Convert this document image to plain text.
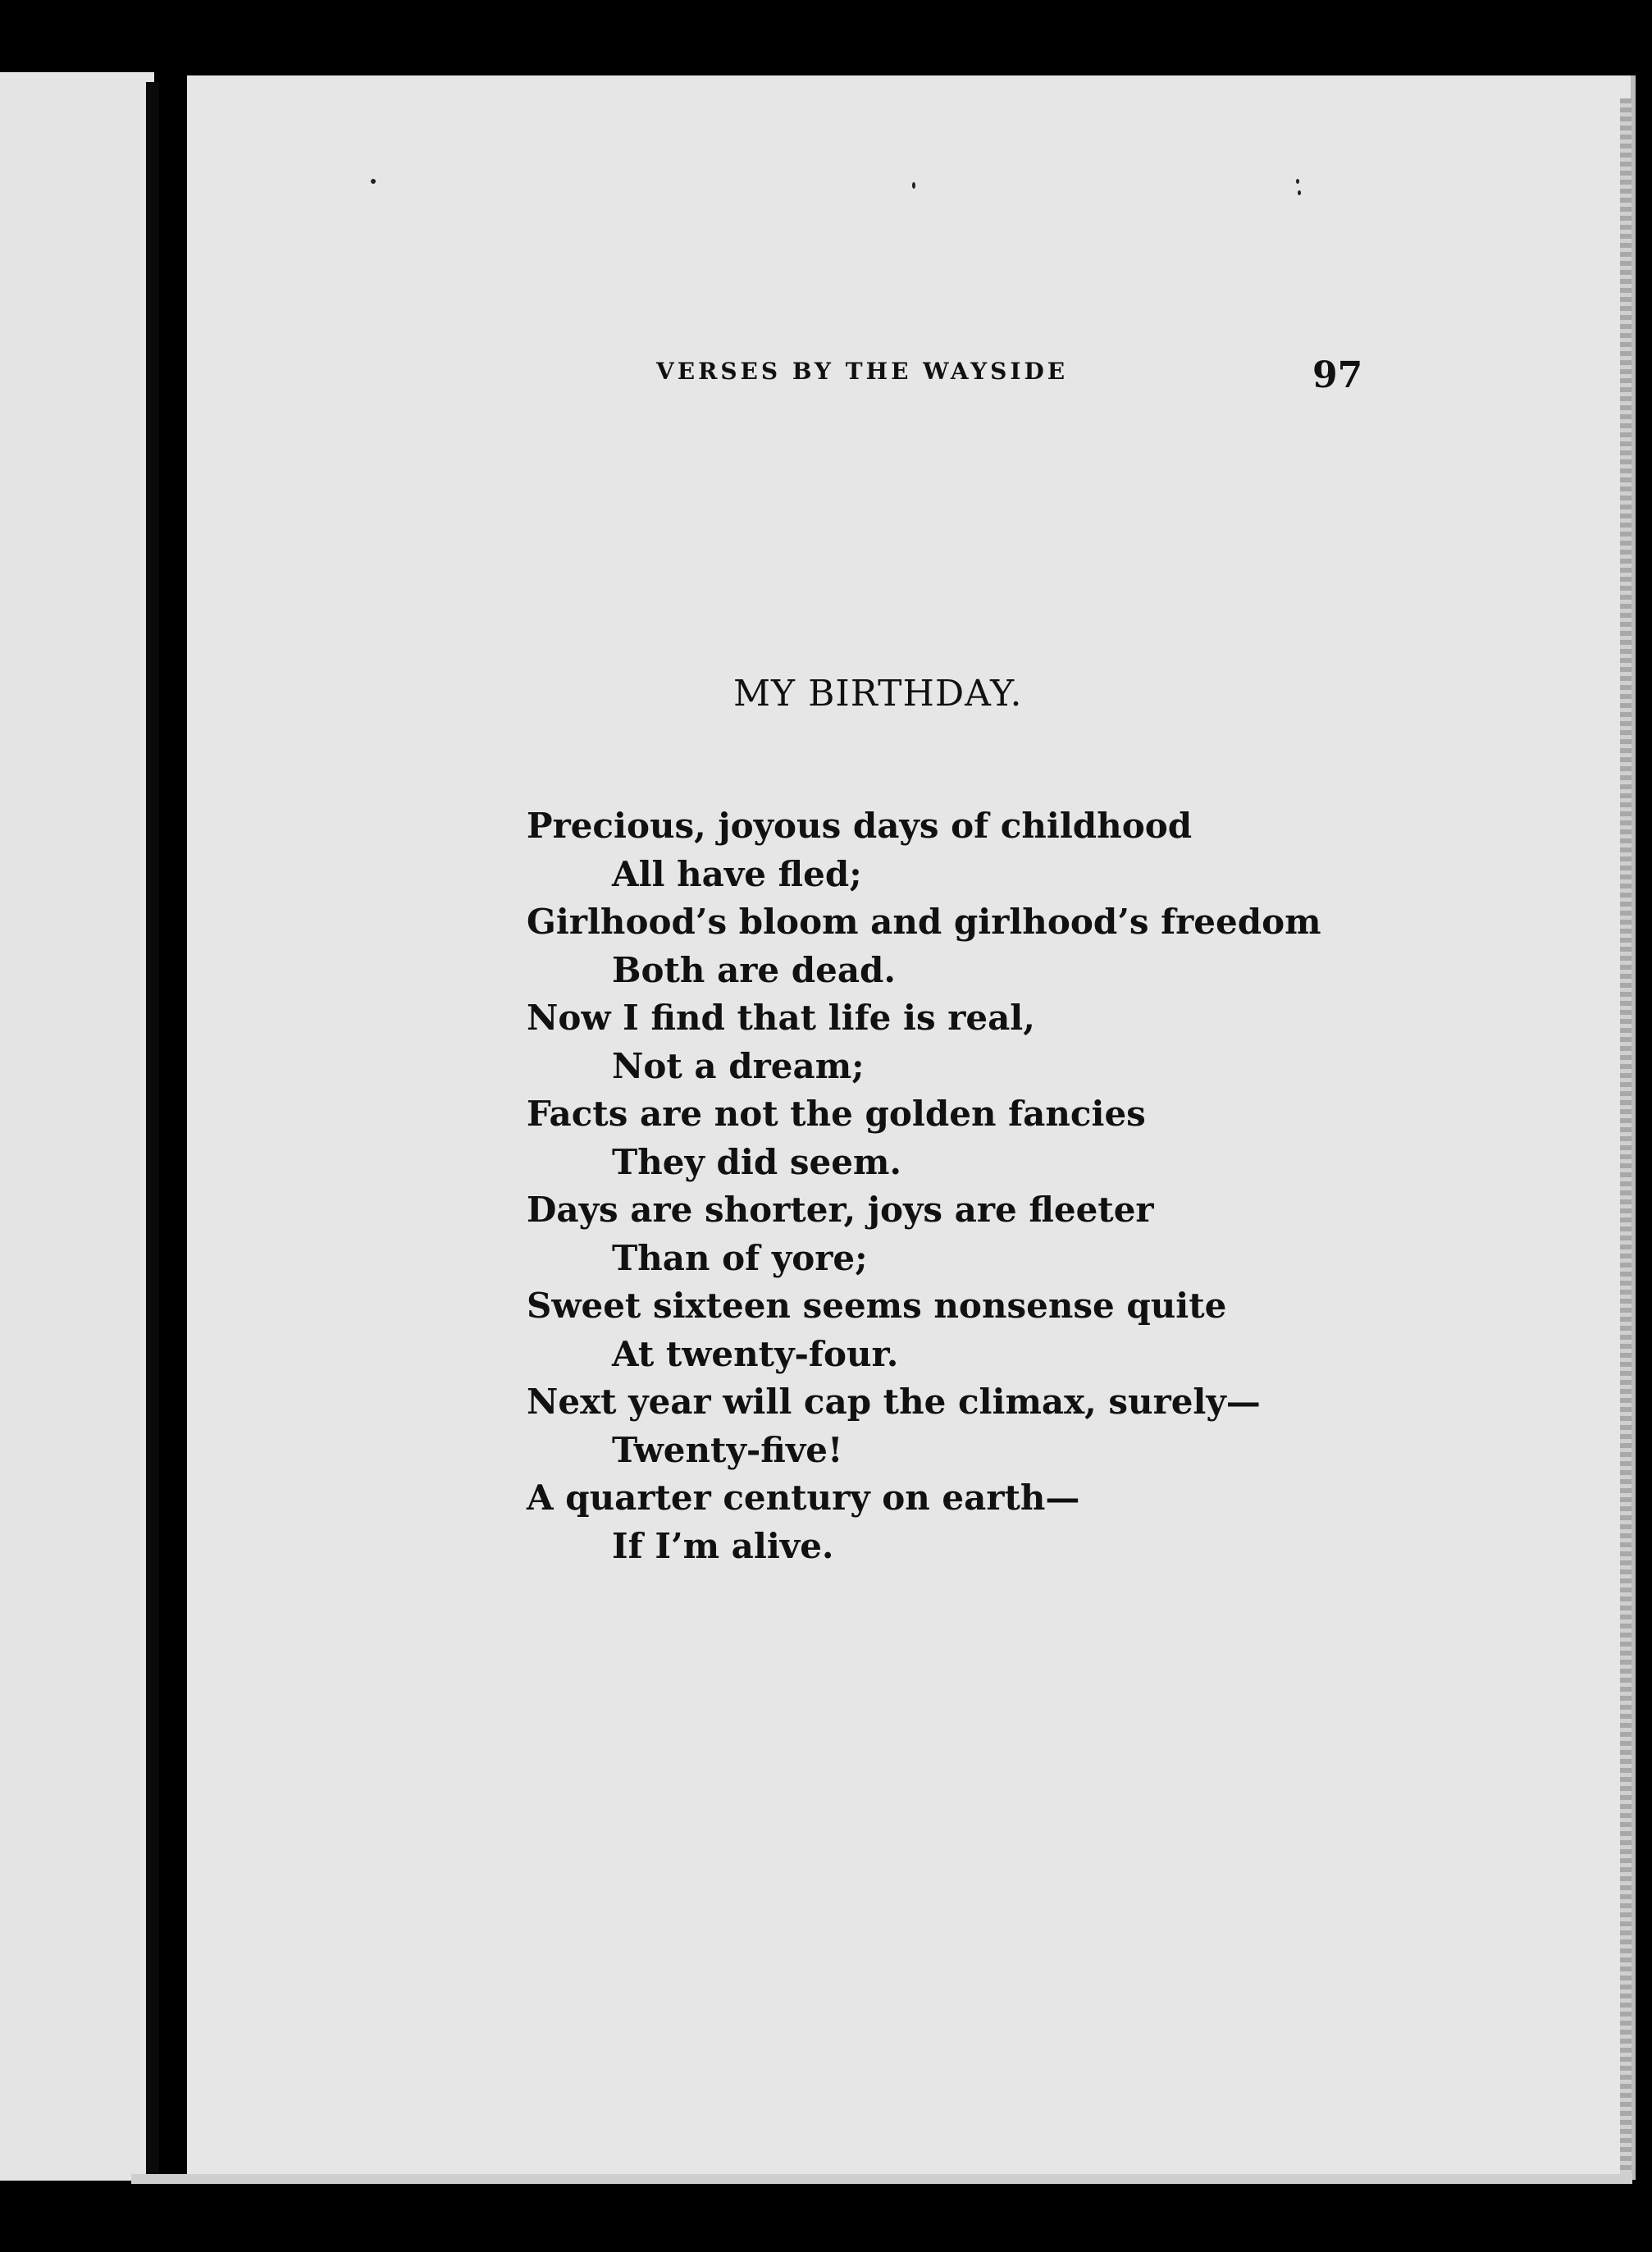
VERSES BY THE WAYSIDE	97
MY BIRTHDAY.
Precious, joyous days of childhood
All have fled;
Girlhood’s bloom and girlhood’s freedom
Both are dead.
Now I find that life is real,
Not a dream;
Facts are not the golden fancies
They did seem.
Days are shorter, joys are fleeter
Than of yore;
Sweet sixteen seems nonsense quite
At twenty-four.
Next year will cap the climax, surely—
Twenty-five!
A quarter century on earth—
If I’m alive.
